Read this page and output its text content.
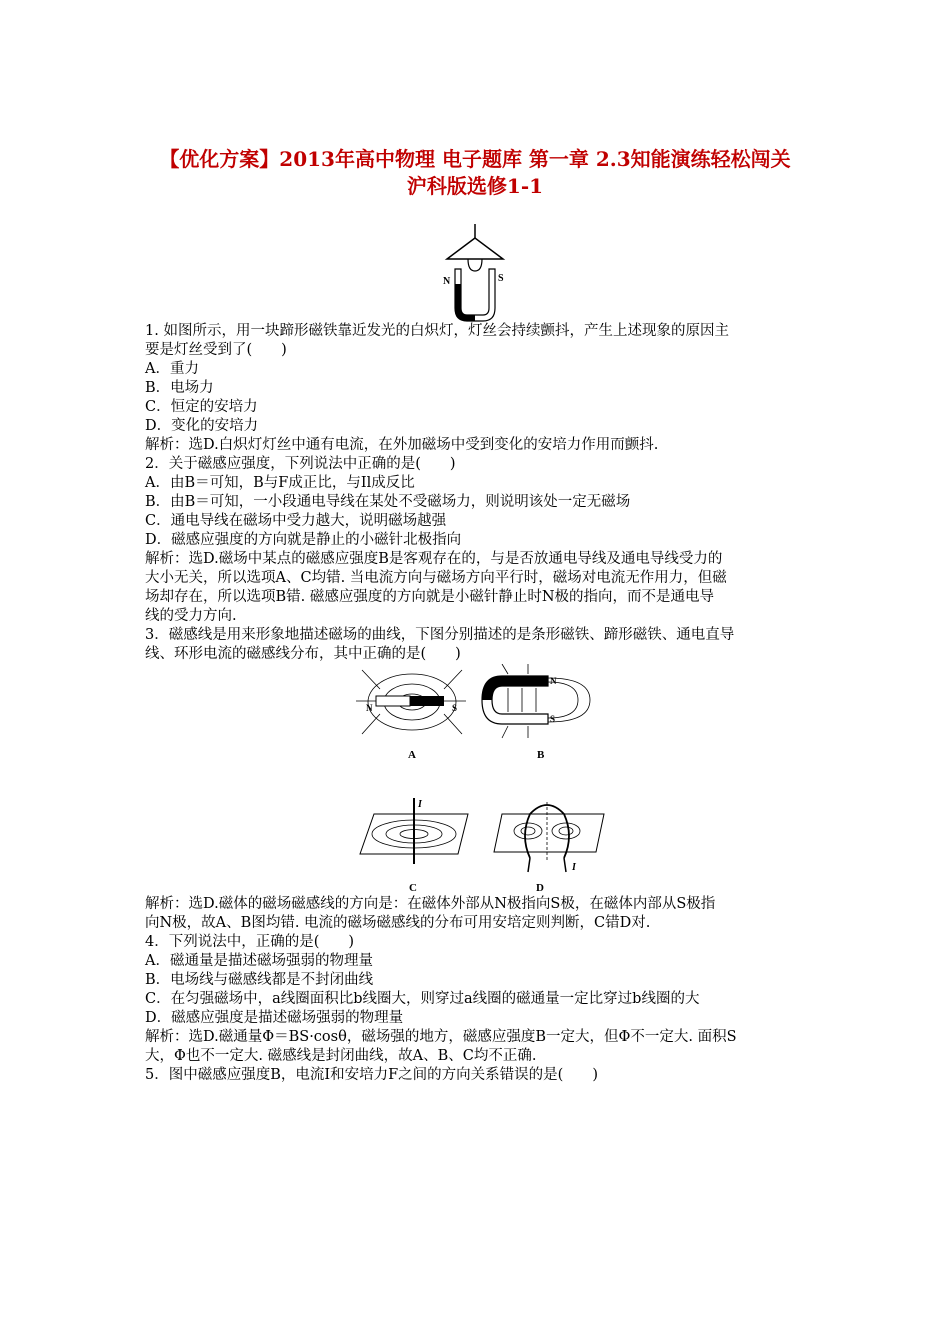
【优化方案】2013年高中物理 电子题库 第一章 2.3知能演练轻松闯关
沪科版选修1-1
N	S
N	S
A
N
S
B
I
C
I
D
1. 如图所示，用一块蹄形磁铁靠近发光的白炽灯，灯丝会持续颤抖，产生上述现象的原因主
要是灯丝受到了(　　)
A．重力
B．电场力
C．恒定的安培力
D．变化的安培力
解析：选D.白炽灯灯丝中通有电流，在外加磁场中受到变化的安培力作用而颤抖.
2．关于磁感应强度，下列说法中正确的是(　　)
A．由B＝可知，B与F成正比，与Il成反比
B．由B＝可知，一小段通电导线在某处不受磁场力，则说明该处一定无磁场
C．通电导线在磁场中受力越大，说明磁场越强
D．磁感应强度的方向就是静止的小磁针北极指向
解析：选D.磁场中某点的磁感应强度B是客观存在的，与是否放通电导线及通电导线受力的
大小无关，所以选项A、C均错. 当电流方向与磁场方向平行时，磁场对电流无作用力，但磁
场却存在，所以选项B错. 磁感应强度的方向就是小磁针静止时N极的指向，而不是通电导
线的受力方向.
3．磁感线是用来形象地描述磁场的曲线，下图分别描述的是条形磁铁、蹄形磁铁、通电直导
线、环形电流的磁感线分布，其中正确的是(　　)
解析：选D.磁体的磁场磁感线的方向是：在磁体外部从N极指向S极，在磁体内部从S极指
向N极，故A、B图均错. 电流的磁场磁感线的分布可用安培定则判断，C错D对.
4．下列说法中，正确的是(　　)
A．磁通量是描述磁场强弱的物理量
B．电场线与磁感线都是不封闭曲线
C．在匀强磁场中，a线圈面积比b线圈大，则穿过a线圈的磁通量一定比穿过b线圈的大
D．磁感应强度是描述磁场强弱的物理量
解析：选D.磁通量Φ＝BS·cosθ，磁场强的地方，磁感应强度B一定大，但Φ不一定大. 面积S
大，Φ也不一定大. 磁感线是封闭曲线，故A、B、C均不正确.
5．图中磁感应强度B，电流I和安培力F之间的方向关系错误的是(　　)
